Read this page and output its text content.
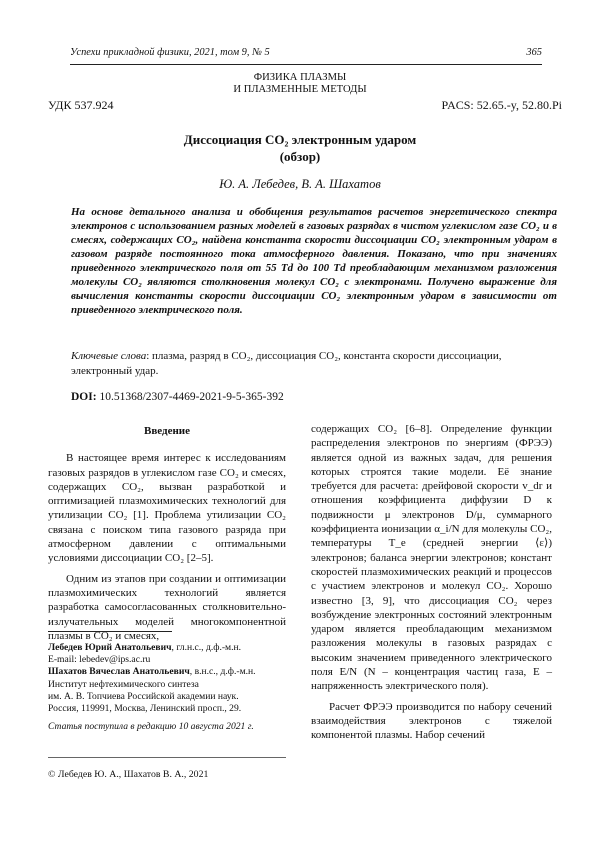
Успехи прикладной физики, 2021, том 9, № 5	365
ФИЗИКА ПЛАЗМЫ
И ПЛАЗМЕННЫЕ МЕТОДЫ
УДК 537.924	PACS: 52.65.-y, 52.80.Pi
Диссоциация CO₂ электронным ударом
(обзор)
Ю. А. Лебедев, В. А. Шахатов
На основе детального анализа и обобщения результатов расчетов энергетического спектра электронов с использованием разных моделей в газовых разрядах в чистом углекислом газе CO₂ и в смесях, содержащих CO₂, найдена константа скорости диссоциации CO₂ электронным ударом в газовом разряде постоянного тока атмосферного давления. Показано, что при значениях приведенного электрического поля от 55 Тd до 100 Тd преобладающим механизмом разложения молекулы CO₂ являются столкновения молекул CO₂ с электронами. Получено выражение для вычисления константы скорости диссоциации CO₂ электронным ударом в зависимости от приведенного электрического поля.
Ключевые слова: плазма, разряд в CO₂, диссоциация CO₂, константа скорости диссоциации, электронный удар.
DOI: 10.51368/2307-4469-2021-9-5-365-392
Введение
В настоящее время интерес к исследованиям газовых разрядов в углекислом газе CO₂ и смесях, содержащих CO₂, вызван разработкой и оптимизацией плазмохимических технологий для утилизации CO₂ [1]. Проблема утилизации CO₂ связана с поиском типа газового разряда при атмосферном давлении с оптимальными условиями диссоциации CO₂ [2–5].
Одним из этапов при создании и оптимизации плазмохимических технологий является разработка самосогласованных столкновительно-излучательных моделей многокомпонентной плазмы в CO₂ и смесях,
содержащих CO₂ [6–8]. Определение функции распределения электронов по энергиям (ФРЭЭ) является одной из важных задач, для решения которых строятся такие модели. Её знание требуется для расчета: дрейфовой скорости v_dr и отношения коэффициента диффузии D к подвижности μ электронов D/μ, суммарного коэффициента ионизации α_i/N для молекулы CO₂, температуры T_e (средней энергии ⟨ε⟩) электронов; баланса энергии электронов; констант скоростей плазмохимических реакций и процессов с участием электронов и молекул CO₂. Хорошо известно [3, 9], что диссоциация CO₂ через возбуждение электронных состояний электронным ударом является преобладающим механизмом разложения молекулы в газовых разрядах с высоким значением приведенного электрического поля E/N (N – концентрация частиц газа, E – напряженность электрического поля).
Расчет ФРЭЭ производится по набору сечений взаимодействия электронов с тяжелой компонентой плазмы. Набор сечений
Лебедев Юрий Анатольевич, гл.н.с., д.ф.-м.н.
E-mail: lebedev@ips.ac.ru
Шахатов Вячеслав Анатольевич, в.н.с., д.ф.-м.н.
Институт нефтехимического синтеза
им. А. В. Топчиева Российской академии наук.
Россия, 119991, Москва, Ленинский просп., 29.
Статья поступила в редакцию 10 августа 2021 г.
© Лебедев Ю. А., Шахатов В. А., 2021
